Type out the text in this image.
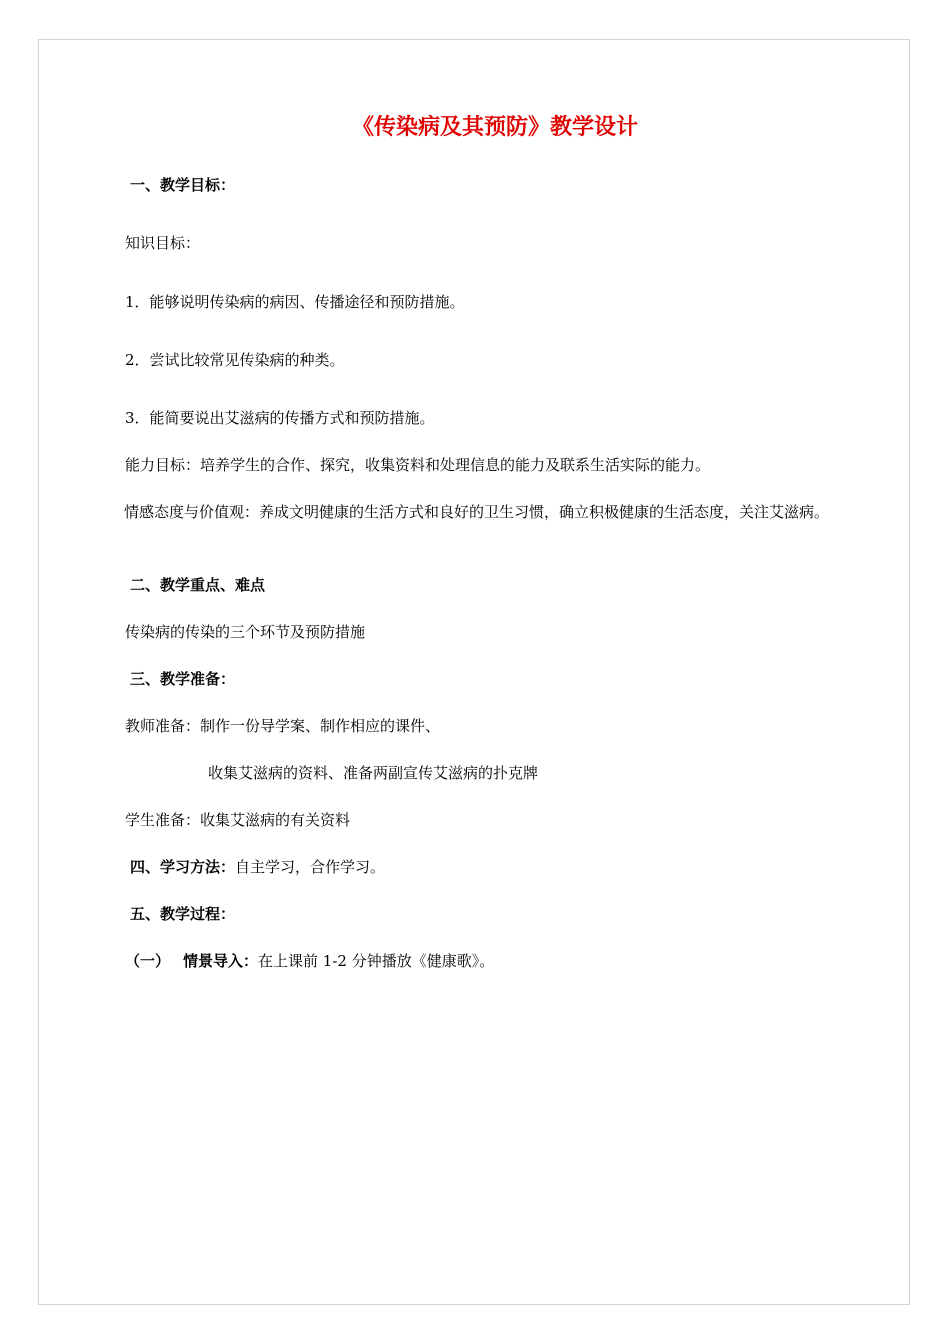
《传染病及其预防》教学设计
一、教学目标：
知识目标：
1．能够说明传染病的病因、传播途径和预防措施。
2．尝试比较常见传染病的种类。
3．能简要说出艾滋病的传播方式和预防措施。
能力目标：培养学生的合作、探究，收集资料和处理信息的能力及联系生活实际的能力。

情感态度与价值观：养成文明健康的生活方式和良好的卫生习惯，确立积极健康的生活态度，关注艾滋病。

二、教学重点、难点
传染病的传染的三个环节及预防措施
三、教学准备：
教师准备：制作一份导学案、制作相应的课件、
收集艾滋病的资料、准备两副宣传艾滋病的扑克牌
学生准备：收集艾滋病的有关资料
四、学习方法：自主学习，合作学习。
五、教学过程：
（一） 情景导入：在上课前 1-2 分钟播放《健康歌》。
